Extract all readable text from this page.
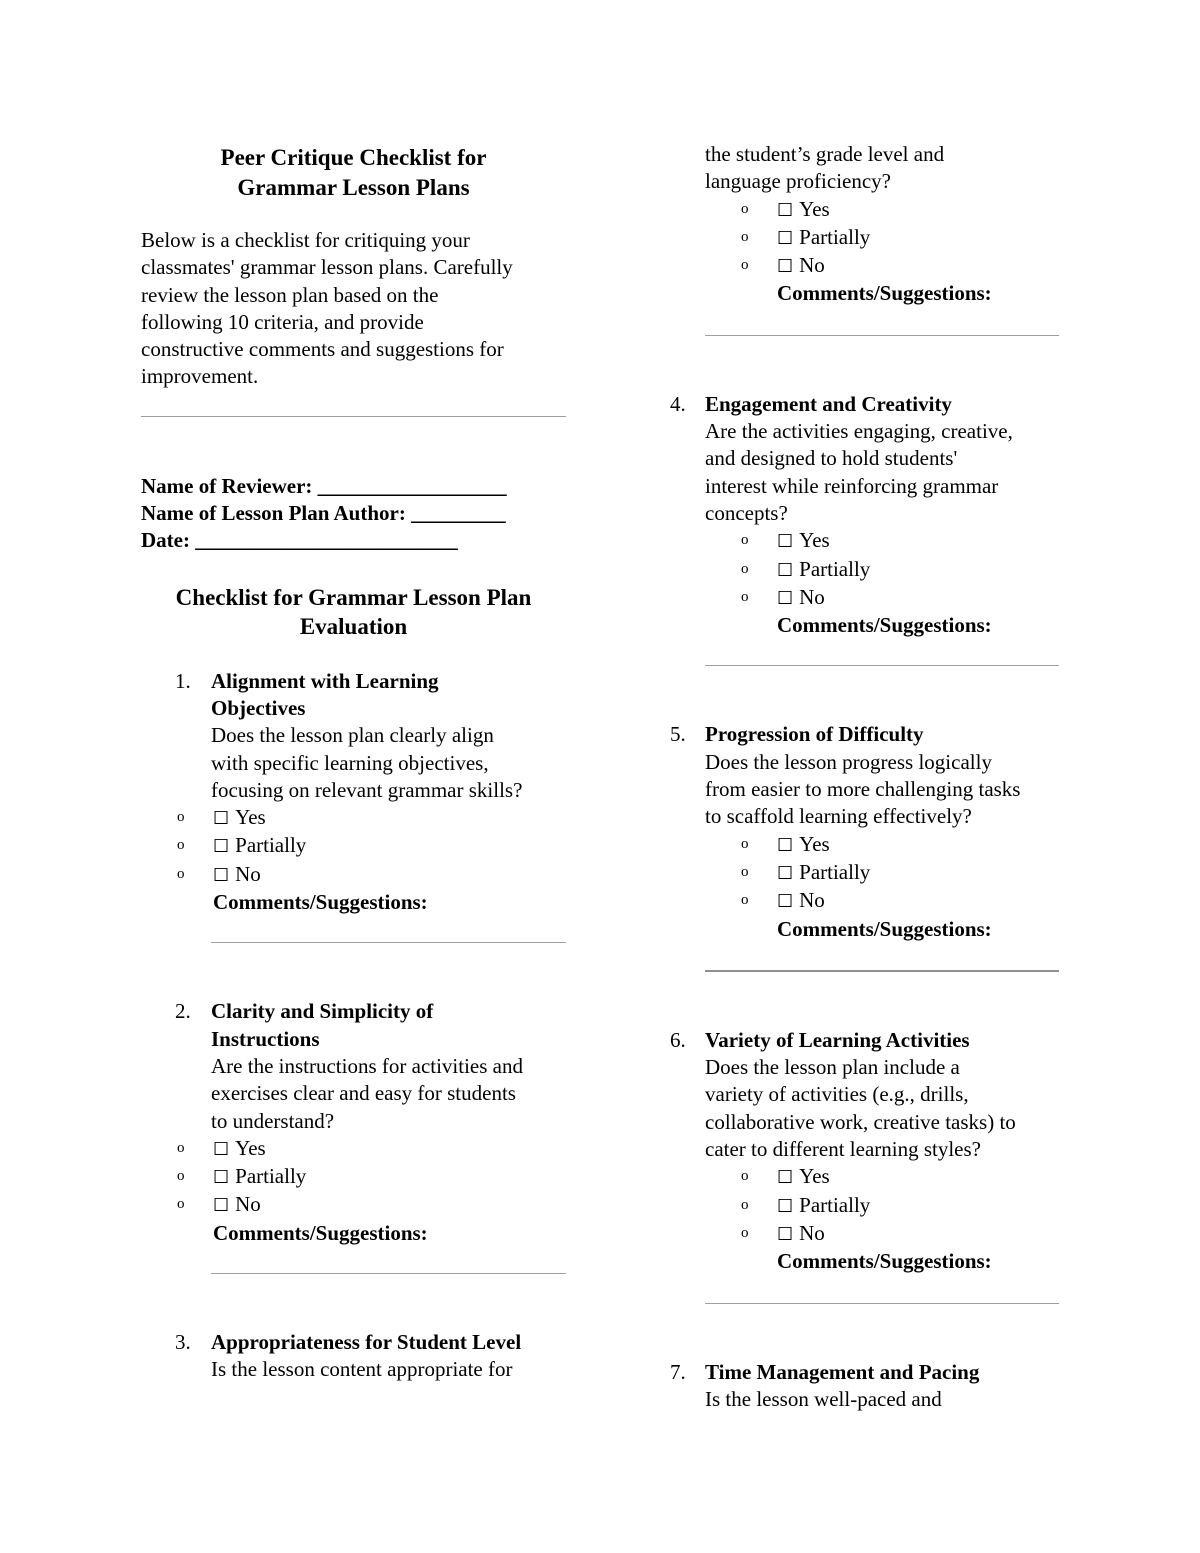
Peer Critique Checklist for
Grammar Lesson Plans
Below is a checklist for critiquing your
classmates' grammar lesson plans. Carefully
review the lesson plan based on the
following 10 criteria, and provide
constructive comments and suggestions for
improvement.
Name of Reviewer: __________________
Name of Lesson Plan Author: _________
Date: _________________________
Checklist for Grammar Lesson Plan
Evaluation
1. Alignment with Learning
Objectives
Does the lesson plan clearly align
with specific learning objectives,
focusing on relevant grammar skills?
o ☐ Yes
o ☐ Partially
o ☐ No
Comments/Suggestions:
2. Clarity and Simplicity of
Instructions
Are the instructions for activities and
exercises clear and easy for students
to understand?
o ☐ Yes
o ☐ Partially
o ☐ No
Comments/Suggestions:
3. Appropriateness for Student Level
Is the lesson content appropriate for
the student’s grade level and
language proficiency?
o ☐ Yes
o ☐ Partially
o ☐ No
Comments/Suggestions:
4. Engagement and Creativity
Are the activities engaging, creative,
and designed to hold students'
interest while reinforcing grammar
concepts?
o ☐ Yes
o ☐ Partially
o ☐ No
Comments/Suggestions:
5. Progression of Difficulty
Does the lesson progress logically
from easier to more challenging tasks
to scaffold learning effectively?
o ☐ Yes
o ☐ Partially
o ☐ No
Comments/Suggestions:
6. Variety of Learning Activities
Does the lesson plan include a
variety of activities (e.g., drills,
collaborative work, creative tasks) to
cater to different learning styles?
o ☐ Yes
o ☐ Partially
o ☐ No
Comments/Suggestions:
7. Time Management and Pacing
Is the lesson well-paced and
